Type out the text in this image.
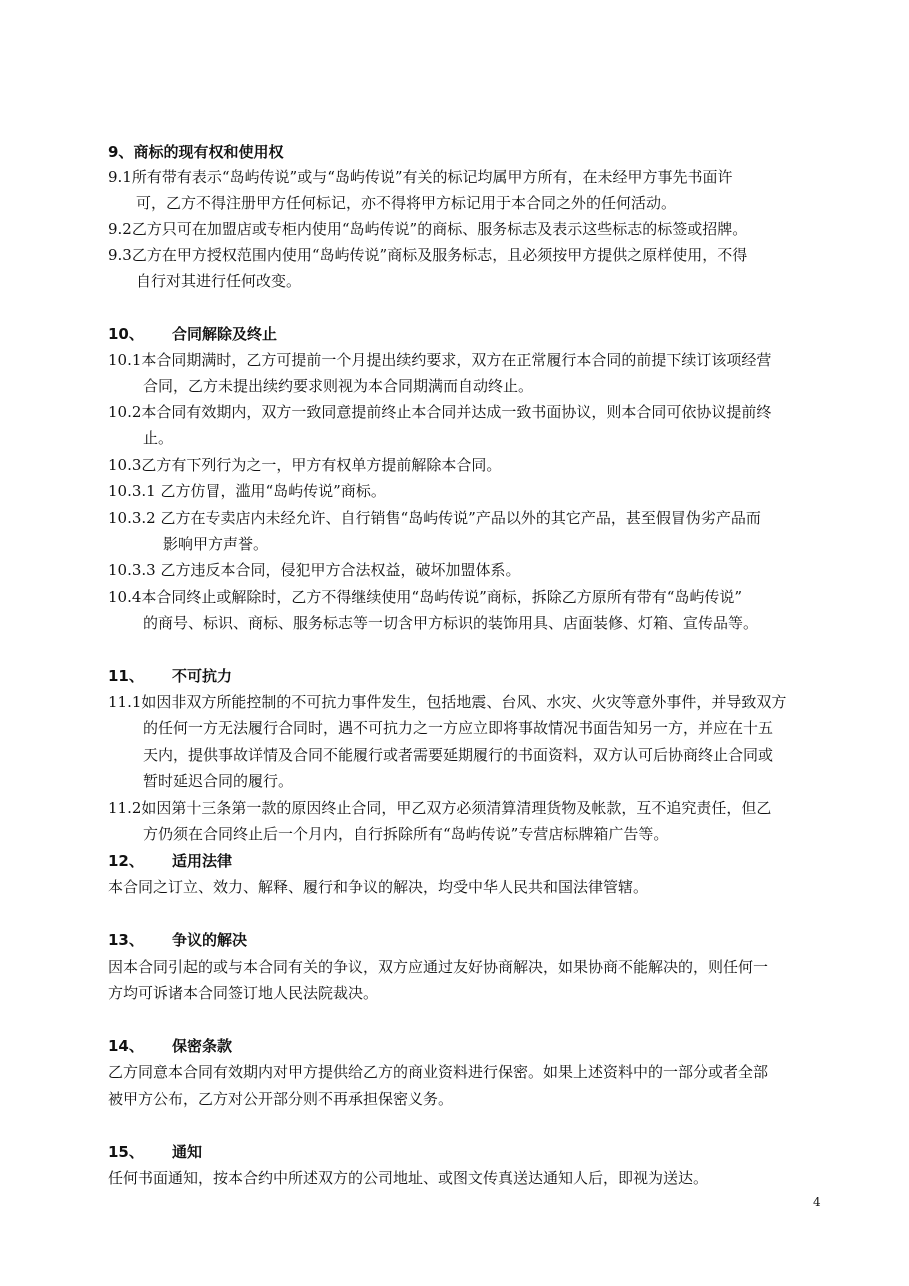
9、商标的现有权和使用权
9.1所有带有表示“岛屿传说”或与“岛屿传说”有关的标记均属甲方所有，在未经甲方事先书面许
可，乙方不得注册甲方任何标记，亦不得将甲方标记用于本合同之外的任何活动。
9.2乙方只可在加盟店或专柜内使用“岛屿传说”的商标、服务标志及表示这些标志的标签或招牌。
9.3乙方在甲方授权范围内使用“岛屿传说”商标及服务标志，且必须按甲方提供之原样使用，不得
自行对其进行任何改变。
10、 合同解除及终止
10.1本合同期满时，乙方可提前一个月提出续约要求，双方在正常履行本合同的前提下续订该项经营
合同，乙方未提出续约要求则视为本合同期满而自动终止。
10.2本合同有效期内，双方一致同意提前终止本合同并达成一致书面协议，则本合同可依协议提前终
止。
10.3乙方有下列行为之一，甲方有权单方提前解除本合同。
10.3.1 乙方仿冒，滥用“岛屿传说”商标。
10.3.2 乙方在专卖店内未经允许、自行销售“岛屿传说”产品以外的其它产品，甚至假冒伪劣产品而
影响甲方声誉。
10.3.3 乙方违反本合同，侵犯甲方合法权益，破坏加盟体系。
10.4本合同终止或解除时，乙方不得继续使用“岛屿传说”商标，拆除乙方原所有带有“岛屿传说”
的商号、标识、商标、服务标志等一切含甲方标识的装饰用具、店面装修、灯箱、宣传品等。
11、 不可抗力
11.1如因非双方所能控制的不可抗力事件发生，包括地震、台风、水灾、火灾等意外事件，并导致双方
的任何一方无法履行合同时，遇不可抗力之一方应立即将事故情况书面告知另一方，并应在十五
天内，提供事故详情及合同不能履行或者需要延期履行的书面资料，双方认可后协商终止合同或
暂时延迟合同的履行。
11.2如因第十三条第一款的原因终止合同，甲乙双方必须清算清理货物及帐款，互不追究责任，但乙
方仍须在合同终止后一个月内，自行拆除所有“岛屿传说”专营店标牌箱广告等。
12、 适用法律
本合同之订立、效力、解释、履行和争议的解决，均受中华人民共和国法律管辖。
13、 争议的解决
因本合同引起的或与本合同有关的争议，双方应通过友好协商解决，如果协商不能解决的，则任何一
方均可诉诸本合同签订地人民法院裁决。
14、 保密条款
乙方同意本合同有效期内对甲方提供给乙方的商业资料进行保密。如果上述资料中的一部分或者全部
被甲方公布，乙方对公开部分则不再承担保密义务。
15、 通知
任何书面通知，按本合约中所述双方的公司地址、或图文传真送达通知人后，即视为送达。
4
